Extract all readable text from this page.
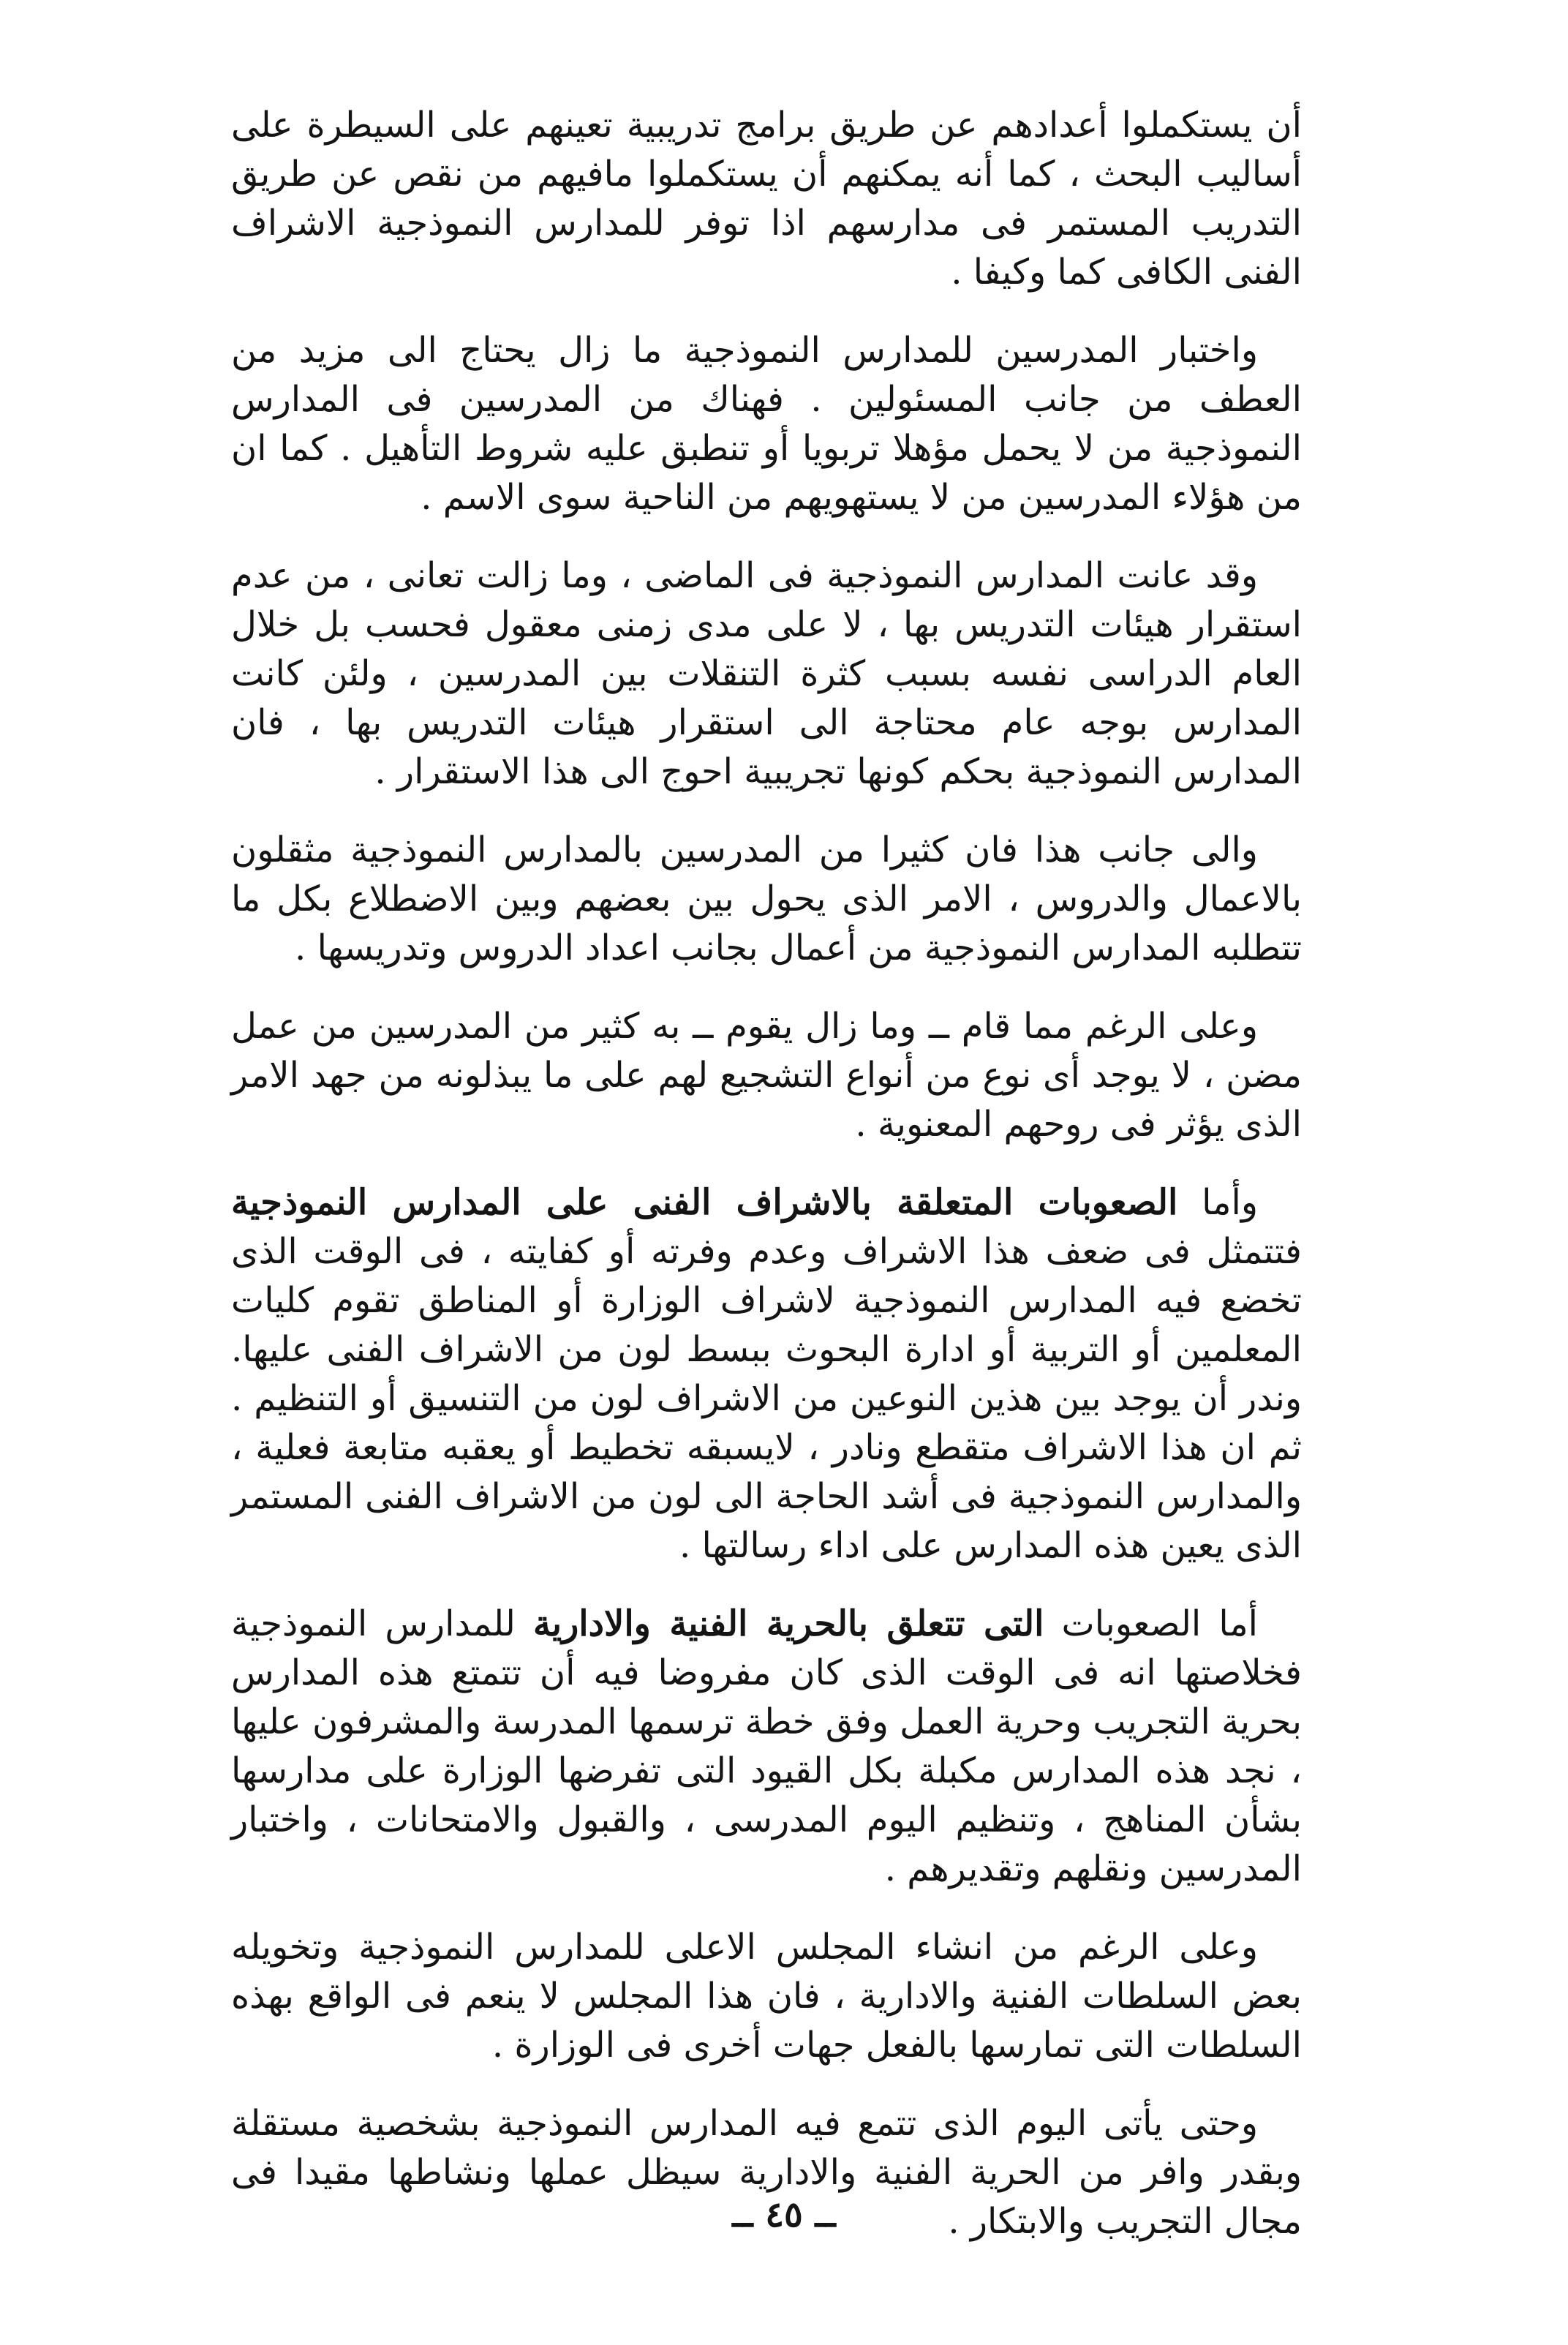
أن يستكملوا أعدادهم عن طريق برامج تدريبية تعينهم على السيطرة على أساليب البحث ، كما أنه يمكنهم أن يستكملوا مافيهم من نقص عن طريق التدريب المستمر فى مدارسهم اذا توفر للمدارس النموذجية الاشراف الفنى الكافى كما وكيفا .

واختبار المدرسين للمدارس النموذجية ما زال يحتاج الى مزيد من العطف من جانب المسئولين . فهناك من المدرسين فى المدارس النموذجية من لا يحمل مؤهلا تربويا أو تنطبق عليه شروط التأهيل . كما ان من هؤلاء المدرسين من لا يستهويهم من الناحية سوى الاسم .

وقد عانت المدارس النموذجية فى الماضى ، وما زالت تعانى ، من عدم استقرار هيئات التدريس بها ، لا على مدى زمنى معقول فحسب بل خلال العام الدراسى نفسه بسبب كثرة التنقلات بين المدرسين ، ولئن كانت المدارس بوجه عام محتاجة الى استقرار هيئات التدريس بها ، فان المدارس النموذجية بحكم كونها تجريبية احوج الى هذا الاستقرار .

والى جانب هذا فان كثيرا من المدرسين بالمدارس النموذجية مثقلون بالاعمال والدروس ، الامر الذى يحول بين بعضهم وبين الاضطلاع بكل ما تتطلبه المدارس النموذجية من أعمال بجانب اعداد الدروس وتدريسها .

وعلى الرغم مما قام ــ وما زال يقوم ــ به كثير من المدرسين من عمل مضن ، لا يوجد أى نوع من أنواع التشجيع لهم على ما يبذلونه من جهد الامر الذى يؤثر فى روحهم المعنوية .

وأما الصعوبات المتعلقة بالاشراف الفنى على المدارس النموذجية فتتمثل فى ضعف هذا الاشراف وعدم وفرته أو كفايته ، فى الوقت الذى تخضع فيه المدارس النموذجية لاشراف الوزارة أو المناطق تقوم كليات المعلمين أو التربية أو ادارة البحوث ببسط لون من الاشراف الفنى عليها. وندر أن يوجد بين هذين النوعين من الاشراف لون من التنسيق أو التنظيم . ثم ان هذا الاشراف متقطع ونادر ، لايسبقه تخطيط أو يعقبه متابعة فعلية ، والمدارس النموذجية فى أشد الحاجة الى لون من الاشراف الفنى المستمر الذى يعين هذه المدارس على اداء رسالتها .

أما الصعوبات التى تتعلق بالحرية الفنية والادارية للمدارس النموذجية فخلاصتها انه فى الوقت الذى كان مفروضا فيه أن تتمتع هذه المدارس بحرية التجريب وحرية العمل وفق خطة ترسمها المدرسة والمشرفون عليها ، نجد هذه المدارس مكبلة بكل القيود التى تفرضها الوزارة على مدارسها بشأن المناهج ، وتنظيم اليوم المدرسى ، والقبول والامتحانات ، واختبار المدرسين ونقلهم وتقديرهم .

وعلى الرغم من انشاء المجلس الاعلى للمدارس النموذجية وتخويله بعض السلطات الفنية والادارية ، فان هذا المجلس لا ينعم فى الواقع بهذه السلطات التى تمارسها بالفعل جهات أخرى فى الوزارة .

وحتى يأتى اليوم الذى تتمع فيه المدارس النموذجية بشخصية مستقلة وبقدر وافر من الحرية الفنية والادارية سيظل عملها ونشاطها مقيدا فى مجال التجريب والابتكار .

ــ ٤٥ ــ
